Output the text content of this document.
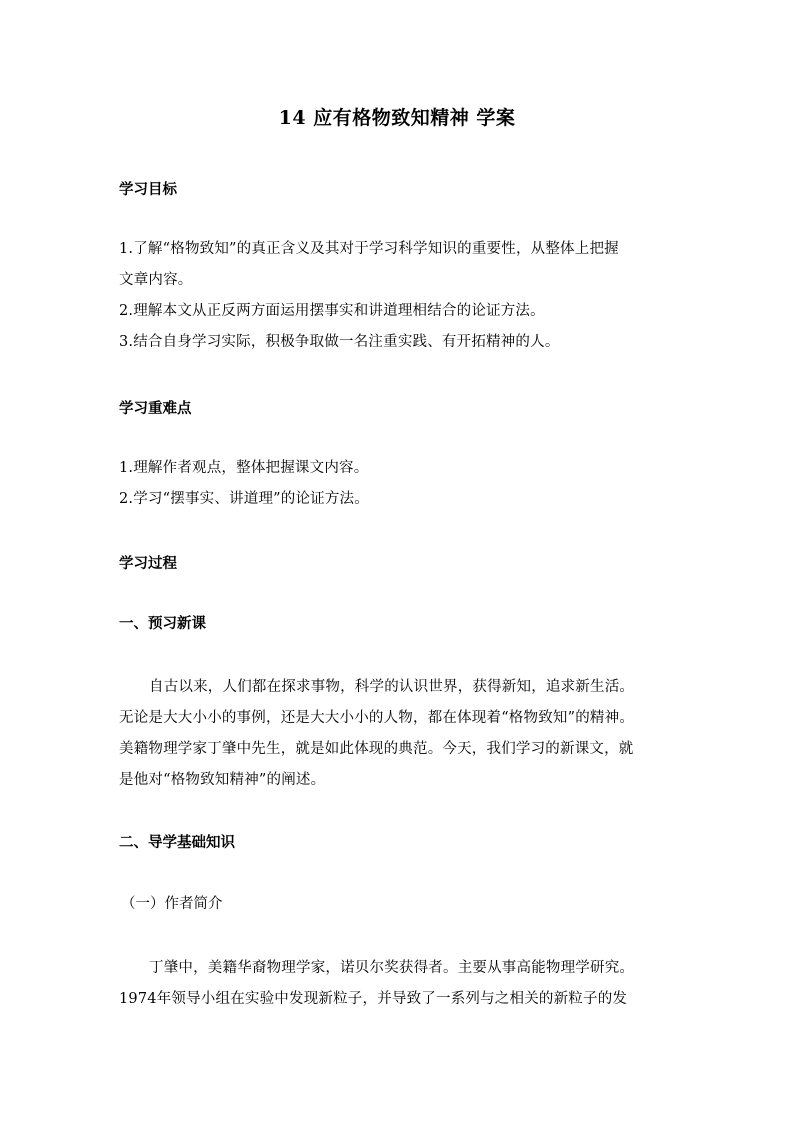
14 应有格物致知精神 学案
学习目标
1.了解“格物致知”的真正含义及其对于学习科学知识的重要性，从整体上把握
文章内容。
2.理解本文从正反两方面运用摆事实和讲道理相结合的论证方法。
3.结合自身学习实际，积极争取做一名注重实践、有开拓精神的人。
学习重难点
1.理解作者观点，整体把握课文内容。
2.学习“摆事实、讲道理”的论证方法。
学习过程
一、预习新课
自古以来，人们都在探求事物，科学的认识世界，获得新知，追求新生活。
无论是大大小小的事例，还是大大小小的人物，都在体现着“格物致知”的精神。
美籍物理学家丁肇中先生，就是如此体现的典范。今天，我们学习的新课文，就
是他对“格物致知精神”的阐述。
二、导学基础知识
（一）作者简介
丁肇中，美籍华裔物理学家，诺贝尔奖获得者。主要从事高能物理学研究。
1974年领导小组在实验中发现新粒子，并导致了一系列与之相关的新粒子的发
